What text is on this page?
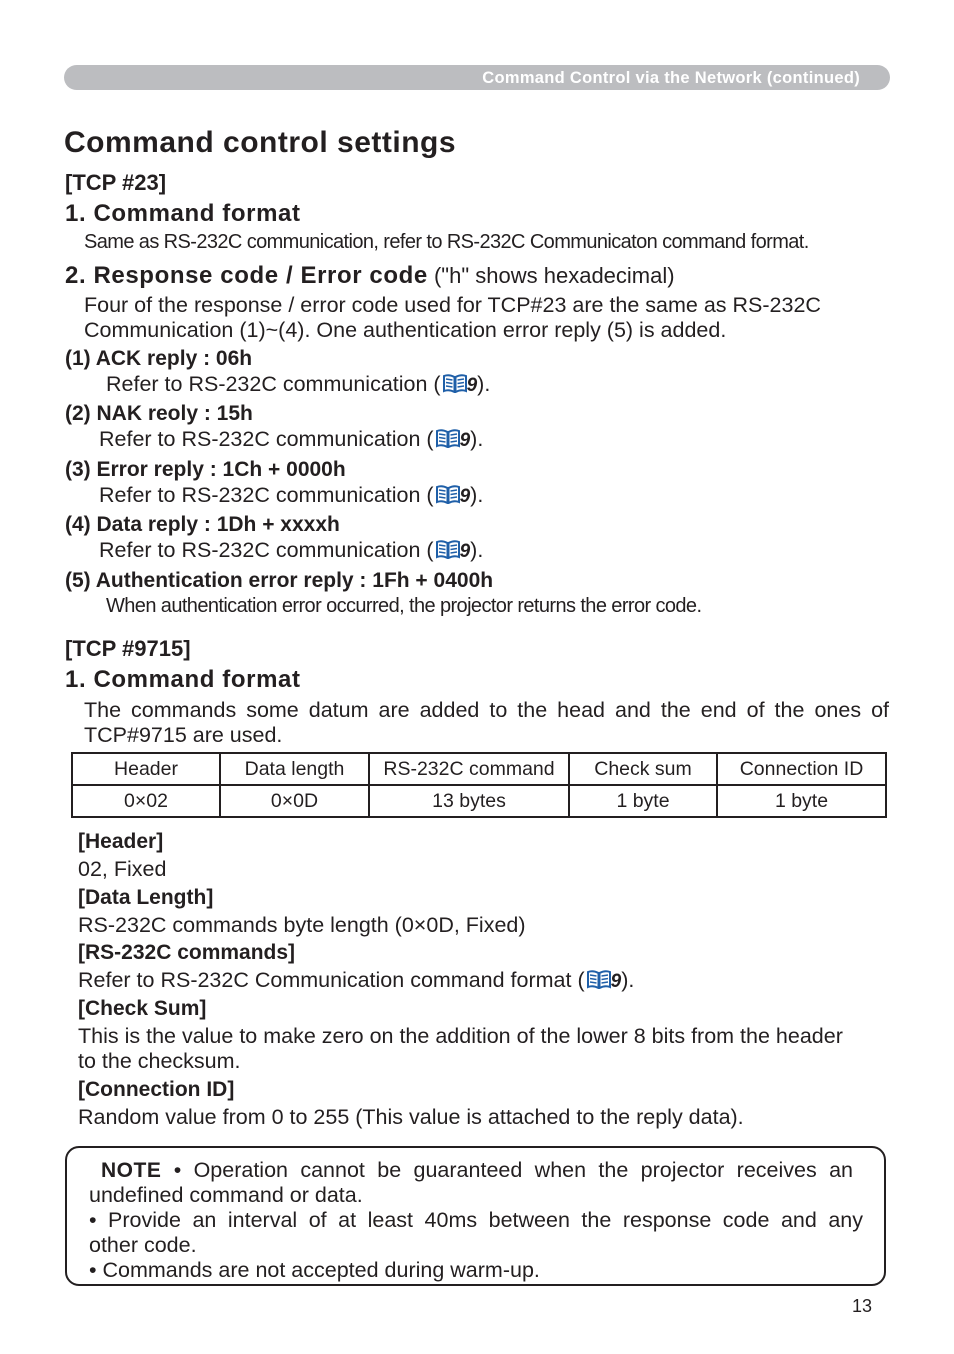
Command Control via the Network (continued)
Command control settings
[TCP #23]
1. Command format
Same as RS-232C communication, refer to RS-232C Communicaton command format.
2. Response code / Error code ("h" shows hexadecimal)
Four of the response / error code used for TCP#23 are the same as RS-232C
Communication (1)~(4). One authentication error reply (5) is added.
(1) ACK reply : 06h
Refer to RS-232C communication ( 9).
(2) NAK reoly : 15h
Refer to RS-232C communication ( 9).
(3) Error reply : 1Ch + 0000h
Refer to RS-232C communication ( 9).
(4) Data reply : 1Dh + xxxxh
Refer to RS-232C communication ( 9).
(5) Authentication error reply : 1Fh + 0400h
When authentication error occurred, the projector returns the error code.
[TCP #9715]
1. Command format
The commands some datum are added to the head and the end of the ones of
TCP#9715 are used.
Header	Data length	RS-232C command	Check sum	Connection ID
0×02	0×0D	13 bytes	1 byte	1 byte
[Header]
02, Fixed
[Data Length]
RS-232C commands byte length (0×0D, Fixed)
[RS-232C commands]
Refer to RS-232C Communication command format ( 9).
[Check Sum]
This is the value to make zero on the addition of the lower 8 bits from the header
to the checksum.
[Connection ID]
Random value from 0 to 255 (This value is attached to the reply data).
NOTE • Operation cannot be guaranteed when the projector receives an
undefined command or data.
• Provide an interval of at least 40ms between the response code and any
other code.
• Commands are not accepted during warm-up.
13
